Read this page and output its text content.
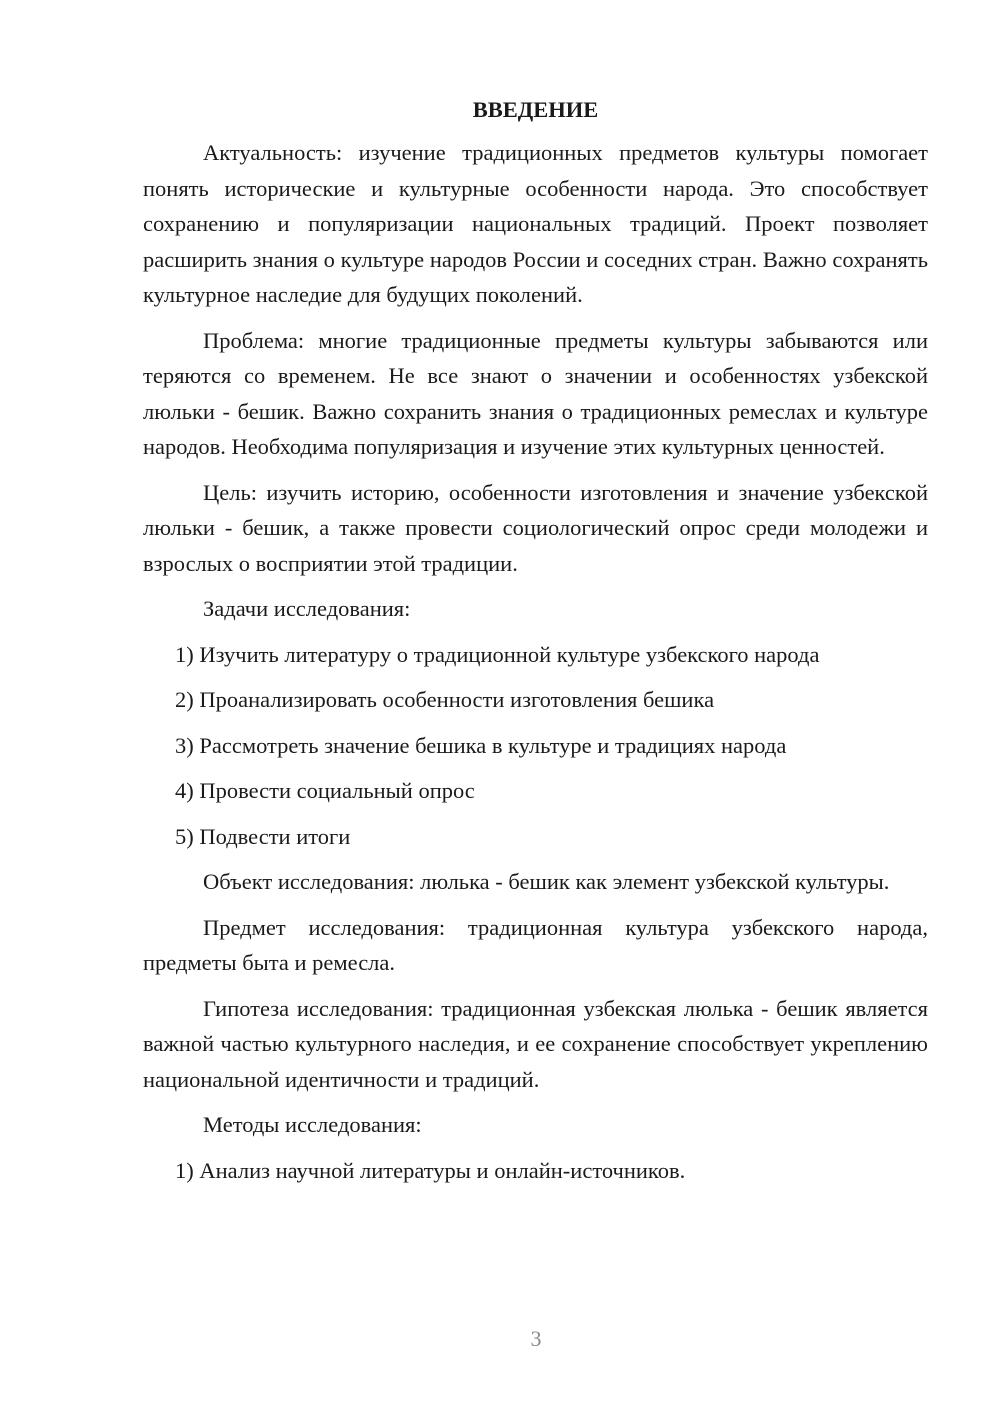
ВВЕДЕНИЕ
Актуальность: изучение традиционных предметов культуры помогает понять исторические и культурные особенности народа. Это способствует сохранению и популяризации национальных традиций. Проект позволяет расширить знания о культуре народов России и соседних стран. Важно сохранять культурное наследие для будущих поколений.
Проблема: многие традиционные предметы культуры забываются или теряются со временем. Не все знают о значении и особенностях узбекской люльки - бешик. Важно сохранить знания о традиционных ремеслах и культуре народов. Необходима популяризация и изучение этих культурных ценностей.
Цель: изучить историю, особенности изготовления и значение узбекской люльки - бешик, а также провести социологический опрос среди молодежи и взрослых о восприятии этой традиции.
Задачи исследования:
1) Изучить литературу о традиционной культуре узбекского народа
2) Проанализировать особенности изготовления бешика
3) Рассмотреть значение бешика в культуре и традициях народа
4) Провести социальный опрос
5) Подвести итоги
Объект исследования: люлька - бешик как элемент узбекской культуры.
Предмет исследования: традиционная культура узбекского народа, предметы быта и ремесла.
Гипотеза исследования: традиционная узбекская люлька - бешик является важной частью культурного наследия, и ее сохранение способствует укреплению национальной идентичности и традиций.
Методы исследования:
1) Анализ научной литературы и онлайн-источников.
3
